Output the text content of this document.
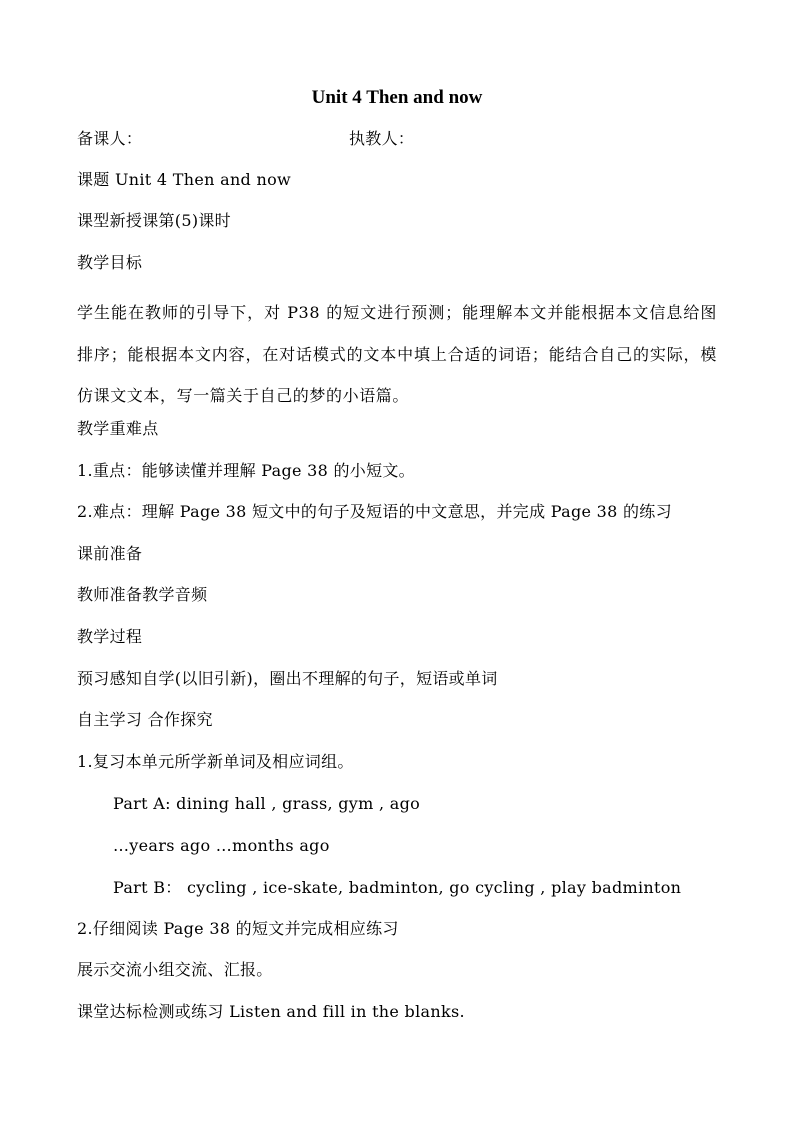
Unit 4 Then and now
备课人：	执教人：
课题 Unit 4 Then and now
课型新授课第(5)课时
教学目标
学生能在教师的引导下，对 P38 的短文进行预测；能理解本文并能根据本文信息给图排序；能根据本文内容，在对话模式的文本中填上合适的词语；能结合自己的实际，模仿课文文本，写一篇关于自己的梦的小语篇。
教学重难点
1.重点：能够读懂并理解 Page 38 的小短文。
2.难点：理解 Page 38 短文中的句子及短语的中文意思，并完成 Page 38 的练习
课前准备
教师准备教学音频
教学过程
预习感知自学(以旧引新)，圈出不理解的句子，短语或单词
自主学习 合作探究
1.复习本单元所学新单词及相应词组。
Part A: dining hall , grass, gym , ago
…years ago …months ago
Part B： cycling , ice-skate, badminton, go cycling , play badminton
2.仔细阅读 Page 38 的短文并完成相应练习
展示交流小组交流、汇报。
课堂达标检测或练习 Listen and fill in the blanks.
